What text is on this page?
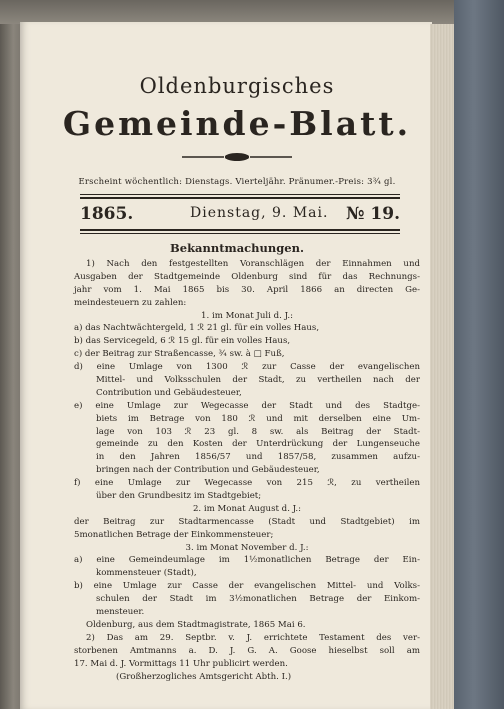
Oldenburgisches
Gemeinde-Blatt.
Erscheint wöchentlich: Dienstags. Vierteljähr. Pränumer.-Preis: 3¾ gl.
1865.	Dienstag, 9. Mai. № 19.
Bekanntmachungen.
1) Nach den festgestellten Voranschlägen der Einnahmen und
Ausgaben der Stadtgemeinde Oldenburg sind für das Rechnungs-
jahr vom 1. Mai 1865 bis 30. April 1866 an directen Ge-
meindesteuern zu zahlen:
1. im Monat Juli d. J.:
a) das Nachtwächtergeld, 1 ℛ 21 gl. für ein volles Haus,
b) das Servicegeld, 6 ℛ 15 gl. für ein volles Haus,
c) der Beitrag zur Straßencasse, ¾ sw. à □ Fuß,
d) eine Umlage von 1300 ℛ zur Casse der evangelischen
Mittel- und Volksschulen der Stadt, zu vertheilen nach der
Contribution und Gebäudesteuer,
e) eine Umlage zur Wegecasse der Stadt und des Stadtge-
biets im Betrage von 180 ℛ und mit derselben eine Um-
lage von 103 ℛ 23 gl. 8 sw. als Beitrag der Stadt-
gemeinde zu den Kosten der Unterdrückung der Lungenseuche
in den Jahren 1856/57 und 1857/58, zusammen aufzu-
bringen nach der Contribution und Gebäudesteuer,
f) eine Umlage zur Wegecasse von 215 ℛ, zu vertheilen
über den Grundbesitz im Stadtgebiet;
2. im Monat August d. J.:
der Beitrag zur Stadtarmencasse (Stadt und Stadtgebiet) im
5monatlichen Betrage der Einkommensteuer;
3. im Monat November d. J.:
a) eine Gemeindeumlage im 1½monatlichen Betrage der Ein-
kommensteuer (Stadt),
b) eine Umlage zur Casse der evangelischen Mittel- und Volks-
schulen der Stadt im 3½monatlichen Betrage der Einkom-
mensteuer.
Oldenburg, aus dem Stadtmagistrate, 1865 Mai 6.
2) Das am 29. Septbr. v. J. errichtete Testament des ver-
storbenen Amtmanns a. D. J. G. A. Goose hieselbst soll am
17. Mai d. J. Vormittags 11 Uhr publicirt werden.
(Großherzogliches Amtsgericht Abth. I.)
